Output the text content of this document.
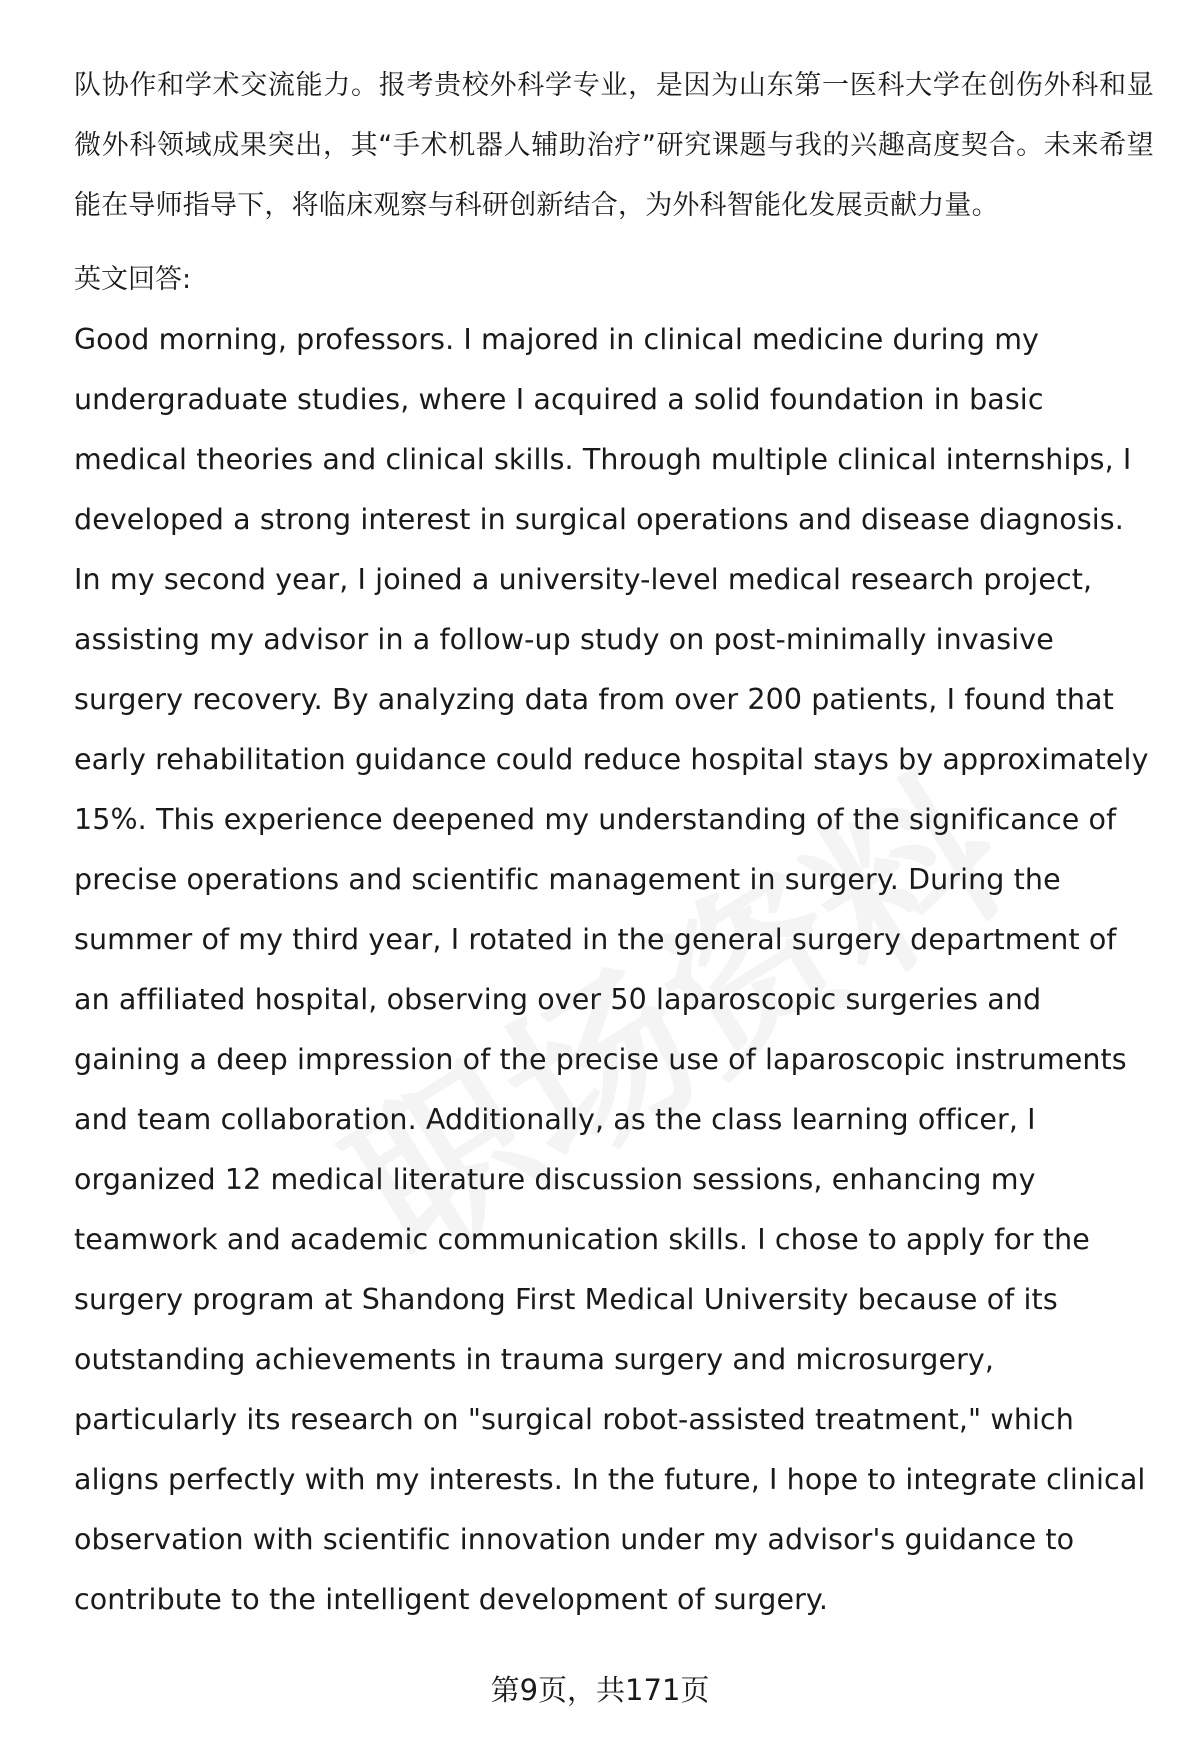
队协作和学术交流能力。报考贵校外科学专业，是因为山东第一医科大学在创伤外科和显微外科领域成果突出，其“手术机器人辅助治疗”研究课题与我的兴趣高度契合。未来希望能在导师指导下，将临床观察与科研创新结合，为外科智能化发展贡献力量。

英文回答:

Good morning, professors. I majored in clinical medicine during my undergraduate studies, where I acquired a solid foundation in basic medical theories and clinical skills. Through multiple clinical internships, I developed a strong interest in surgical operations and disease diagnosis. In my second year, I joined a university-level medical research project, assisting my advisor in a follow-up study on post-minimally invasive surgery recovery. By analyzing data from over 200 patients, I found that early rehabilitation guidance could reduce hospital stays by approximately 15%. This experience deepened my understanding of the significance of precise operations and scientific management in surgery. During the summer of my third year, I rotated in the general surgery department of an affiliated hospital, observing over 50 laparoscopic surgeries and gaining a deep impression of the precise use of laparoscopic instruments and team collaboration. Additionally, as the class learning officer, I organized 12 medical literature discussion sessions, enhancing my teamwork and academic communication skills. I chose to apply for the surgery program at Shandong First Medical University because of its outstanding achievements in trauma surgery and microsurgery, particularly its research on "surgical robot-assisted treatment," which aligns perfectly with my interests. In the future, I hope to integrate clinical observation with scientific innovation under my advisor's guidance to contribute to the intelligent development of surgery.

第9页，共171页
